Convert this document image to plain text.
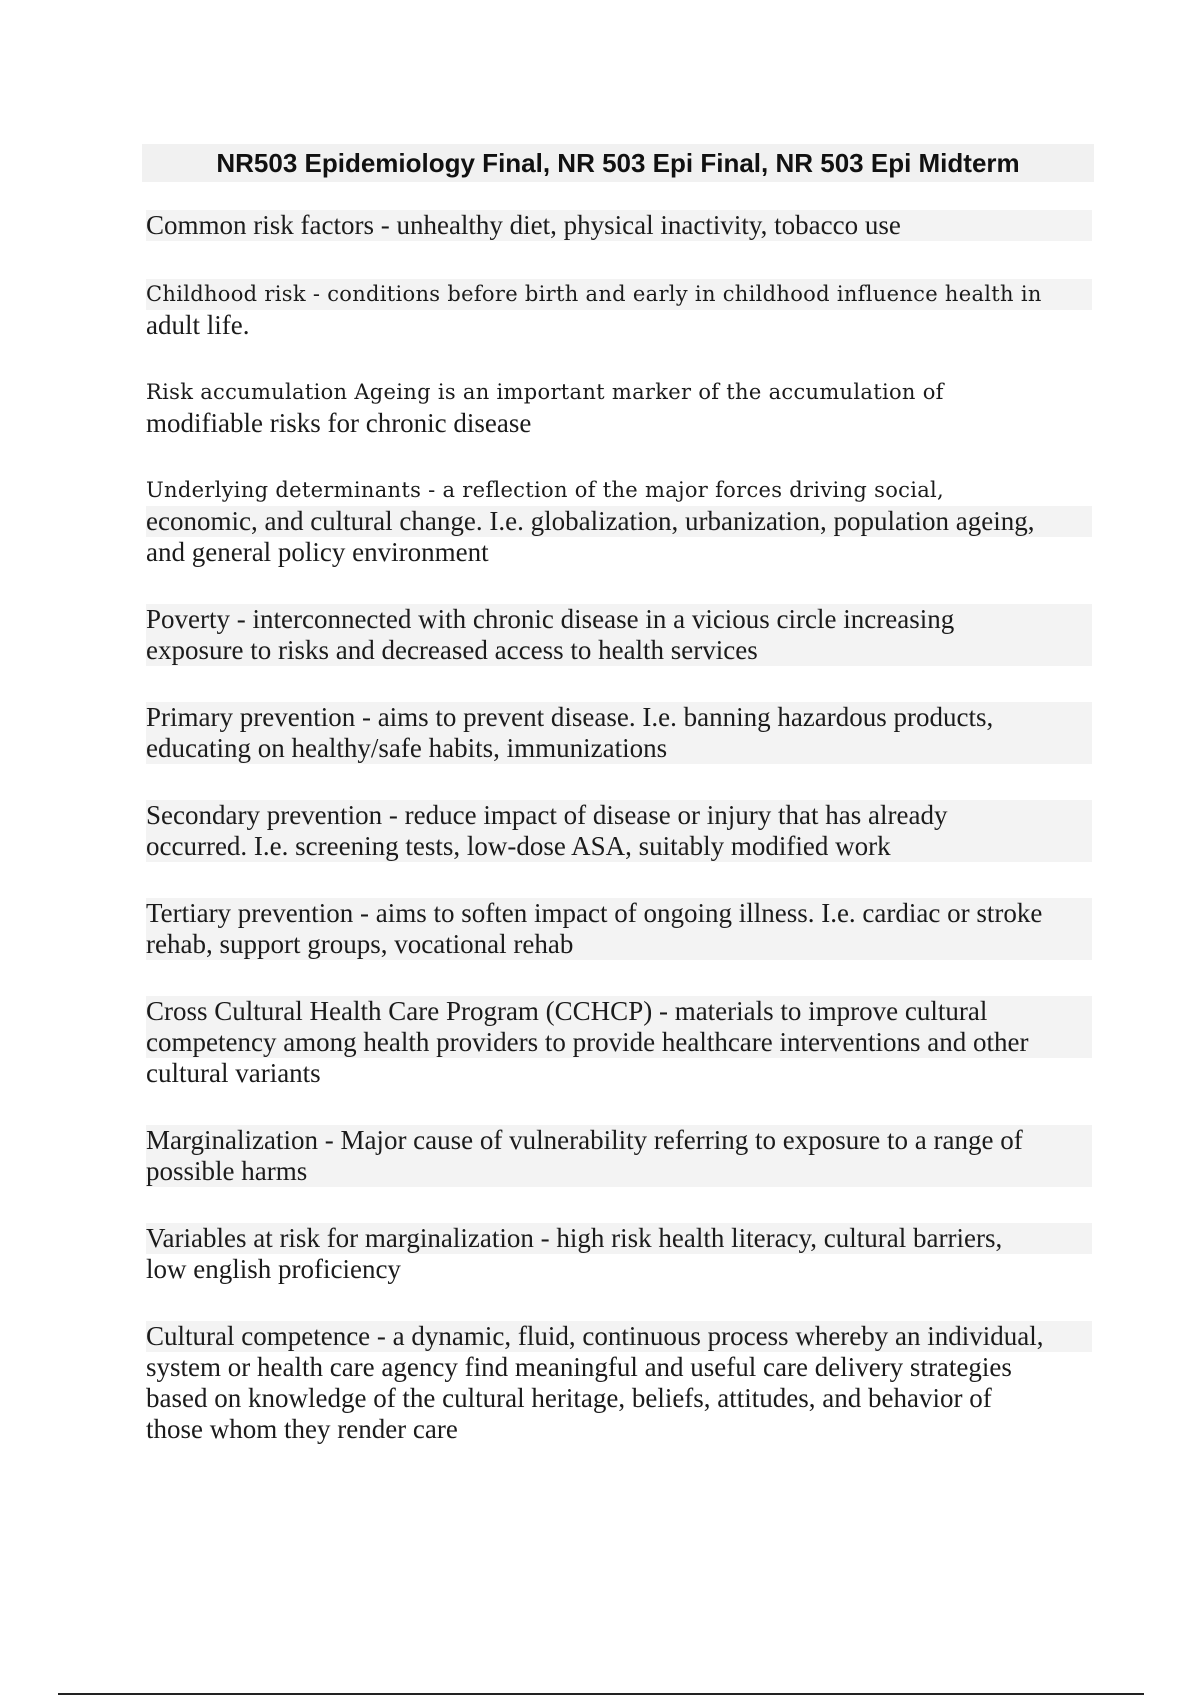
NR503 Epidemiology Final, NR 503 Epi Final, NR 503 Epi Midterm

Common risk factors - unhealthy diet, physical inactivity, tobacco use

Childhood risk - conditions before birth and early in childhood influence health in
adult life.

Risk accumulation Ageing is an important marker of the accumulation of
modifiable risks for chronic disease

Underlying determinants - a reflection of the major forces driving social,
economic, and cultural change. I.e. globalization, urbanization, population ageing,
and general policy environment

Poverty - interconnected with chronic disease in a vicious circle increasing
exposure to risks and decreased access to health services

Primary prevention - aims to prevent disease. I.e. banning hazardous products,
educating on healthy/safe habits, immunizations

Secondary prevention - reduce impact of disease or injury that has already
occurred. I.e. screening tests, low-dose ASA, suitably modified work

Tertiary prevention - aims to soften impact of ongoing illness. I.e. cardiac or stroke
rehab, support groups, vocational rehab

Cross Cultural Health Care Program (CCHCP) - materials to improve cultural
competency among health providers to provide healthcare interventions and other
cultural variants

Marginalization - Major cause of vulnerability referring to exposure to a range of
possible harms

Variables at risk for marginalization - high risk health literacy, cultural barriers,
low english proficiency

Cultural competence - a dynamic, fluid, continuous process whereby an individual,
system or health care agency find meaningful and useful care delivery strategies
based on knowledge of the cultural heritage, beliefs, attitudes, and behavior of
those whom they render care
